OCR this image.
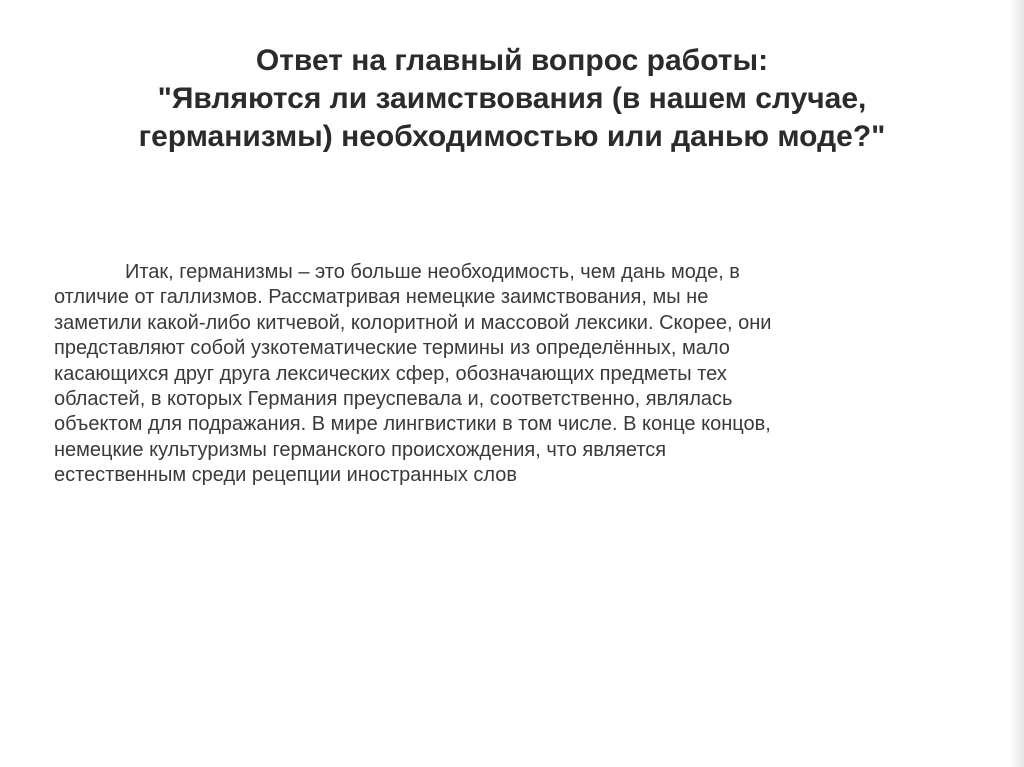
Ответ на главный вопрос работы:
"Являются ли заимствования (в нашем случае,
германизмы) необходимостью или данью моде?"
Итак, германизмы – это больше необходимость, чем дань моде, в
отличие от галлизмов. Рассматривая немецкие заимствования, мы не
заметили какой-либо китчевой, колоритной и массовой лексики. Скорее, они
представляют собой узкотематические термины из определённых, мало
касающихся друг друга лексических сфер, обозначающих предметы тех
областей, в которых Германия преуспевала и, соответственно, являлась
объектом для подражания. В мире лингвистики в том числе. В конце концов,
немецкие культуризмы германского происхождения, что является
естественным среди рецепции иностранных слов
